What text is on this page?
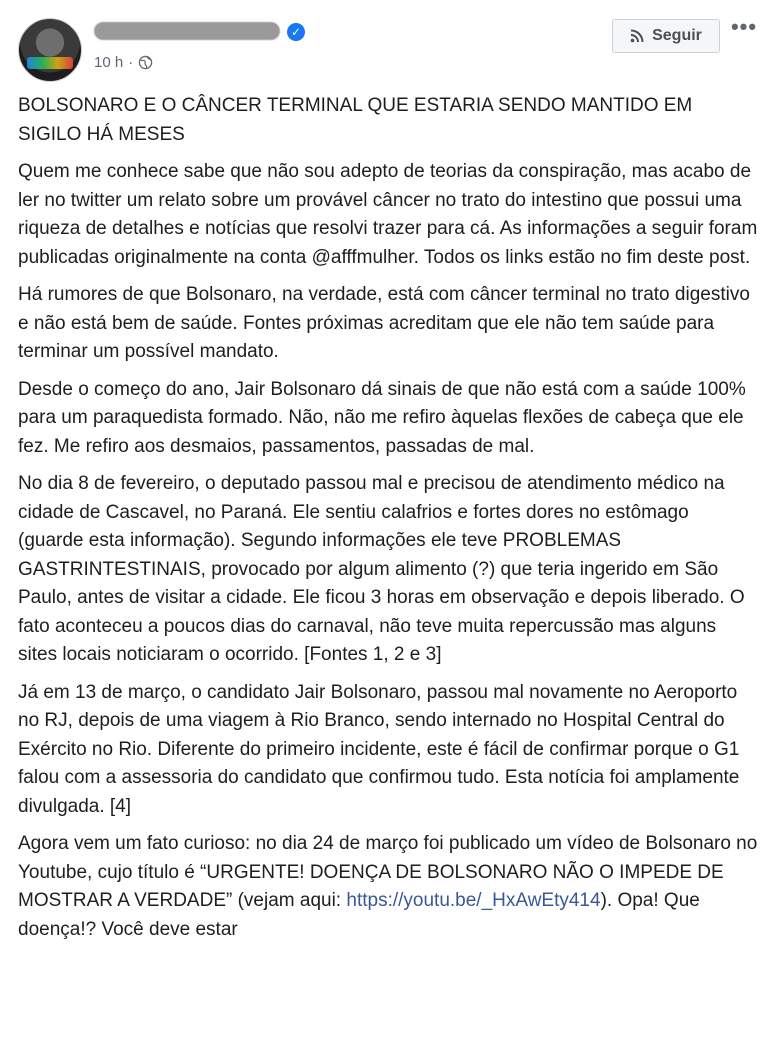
✓
10 h ·
Seguir •••

BOLSONARO E O CÂNCER TERMINAL QUE ESTARIA SENDO MANTIDO EM SIGILO HÁ MESES

Quem me conhece sabe que não sou adepto de teorias da conspiração, mas acabo de ler no twitter um relato sobre um provável câncer no trato do intestino que possui uma riqueza de detalhes e notícias que resolvi trazer para cá. As informações a seguir foram publicadas originalmente na conta @afffmulher. Todos os links estão no fim deste post.

Há rumores de que Bolsonaro, na verdade, está com câncer terminal no trato digestivo e não está bem de saúde. Fontes próximas acreditam que ele não tem saúde para terminar um possível mandato.

Desde o começo do ano, Jair Bolsonaro dá sinais de que não está com a saúde 100% para um paraquedista formado. Não, não me refiro àquelas flexões de cabeça que ele fez. Me refiro aos desmaios, passamentos, passadas de mal.

No dia 8 de fevereiro, o deputado passou mal e precisou de atendimento médico na cidade de Cascavel, no Paraná. Ele sentiu calafrios e fortes dores no estômago (guarde esta informação). Segundo informações ele teve PROBLEMAS GASTRINTESTINAIS, provocado por algum alimento (?) que teria ingerido em São Paulo, antes de visitar a cidade. Ele ficou 3 horas em observação e depois liberado. O fato aconteceu a poucos dias do carnaval, não teve muita repercussão mas alguns sites locais noticiaram o ocorrido. [Fontes 1, 2 e 3]

Já em 13 de março, o candidato Jair Bolsonaro, passou mal novamente no Aeroporto no RJ, depois de uma viagem à Rio Branco, sendo internado no Hospital Central do Exército no Rio. Diferente do primeiro incidente, este é fácil de confirmar porque o G1 falou com a assessoria do candidato que confirmou tudo. Esta notícia foi amplamente divulgada. [4]

Agora vem um fato curioso: no dia 24 de março foi publicado um vídeo de Bolsonaro no Youtube, cujo título é “URGENTE! DOENÇA DE BOLSONARO NÃO O IMPEDE DE MOSTRAR A VERDADE” (vejam aqui: https://youtu.be/_HxAwEty414). Opa! Que doença!? Você deve estar
